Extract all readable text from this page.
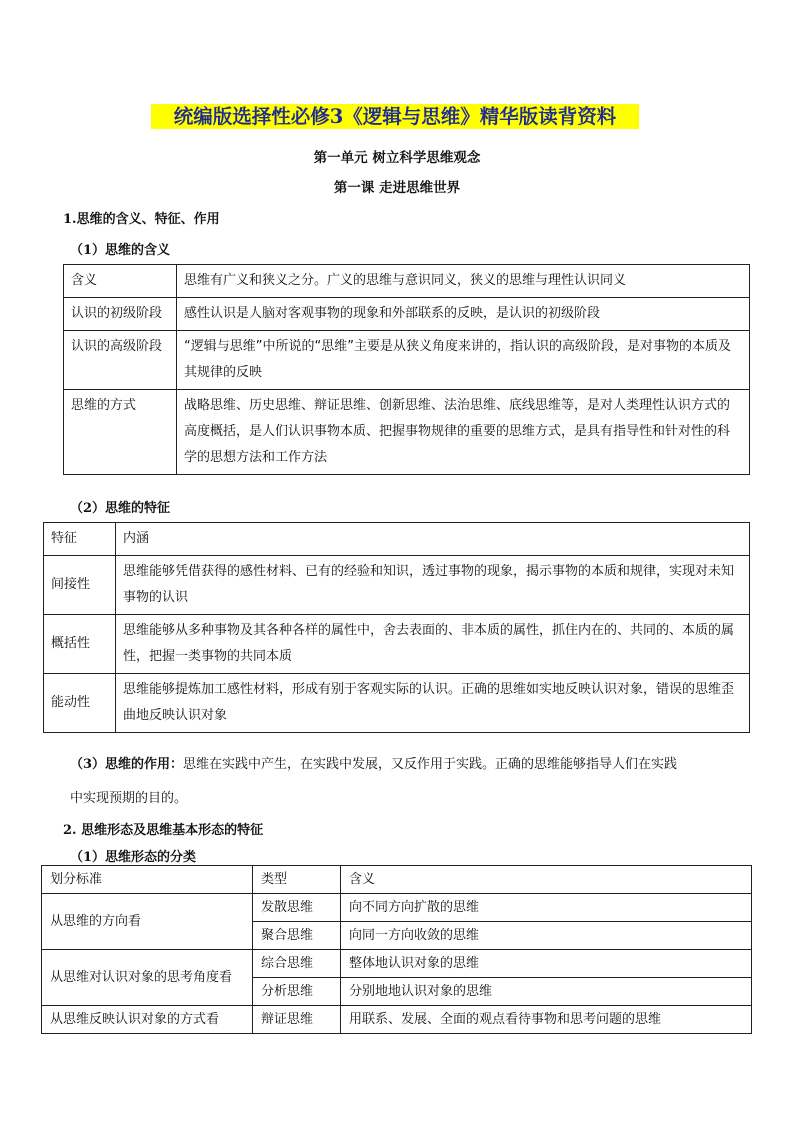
统编版选择性必修3《逻辑与思维》精华版读背资料
第一单元 树立科学思维观念
第一课 走进思维世界
1.思维的含义、特征、作用
（1）思维的含义
含义	思维有广义和狭义之分。广义的思维与意识同义，狭义的思维与理性认识同义
认识的初级阶段	感性认识是人脑对客观事物的现象和外部联系的反映，是认识的初级阶段
认识的高级阶段	“逻辑与思维”中所说的“思维”主要是从狭义角度来讲的，指认识的高级阶段，是对事物的本质及其规律的反映
思维的方式	战略思维、历史思维、辩证思维、创新思维、法治思维、底线思维等，是对人类理性认识方式的高度概括，是人们认识事物本质、把握事物规律的重要的思维方式，是具有指导性和针对性的科学的思想方法和工作方法
（2）思维的特征
特征	内涵
间接性	思维能够凭借获得的感性材料、已有的经验和知识，透过事物的现象，揭示事物的本质和规律，实现对未知事物的认识
概括性	思维能够从多种事物及其各种各样的属性中，舍去表面的、非本质的属性，抓住内在的、共同的、本质的属性，把握一类事物的共同本质
能动性	思维能够提炼加工感性材料，形成有别于客观实际的认识。正确的思维如实地反映认识对象，错误的思维歪曲地反映认识对象
（3）思维的作用：思维在实践中产生，在实践中发展，又反作用于实践。正确的思维能够指导人们在实践
中实现预期的目的。
2. 思维形态及思维基本形态的特征
（1）思维形态的分类
划分标准	类型	含义
从思维的方向看	发散思维	向不同方向扩散的思维
	聚合思维	向同一方向收敛的思维
从思维对认识对象的思考角度看	综合思维	整体地认识对象的思维
	分析思维	分别地地认识对象的思维
从思维反映认识对象的方式看	辩证思维	用联系、发展、全面的观点看待事物和思考问题的思维
